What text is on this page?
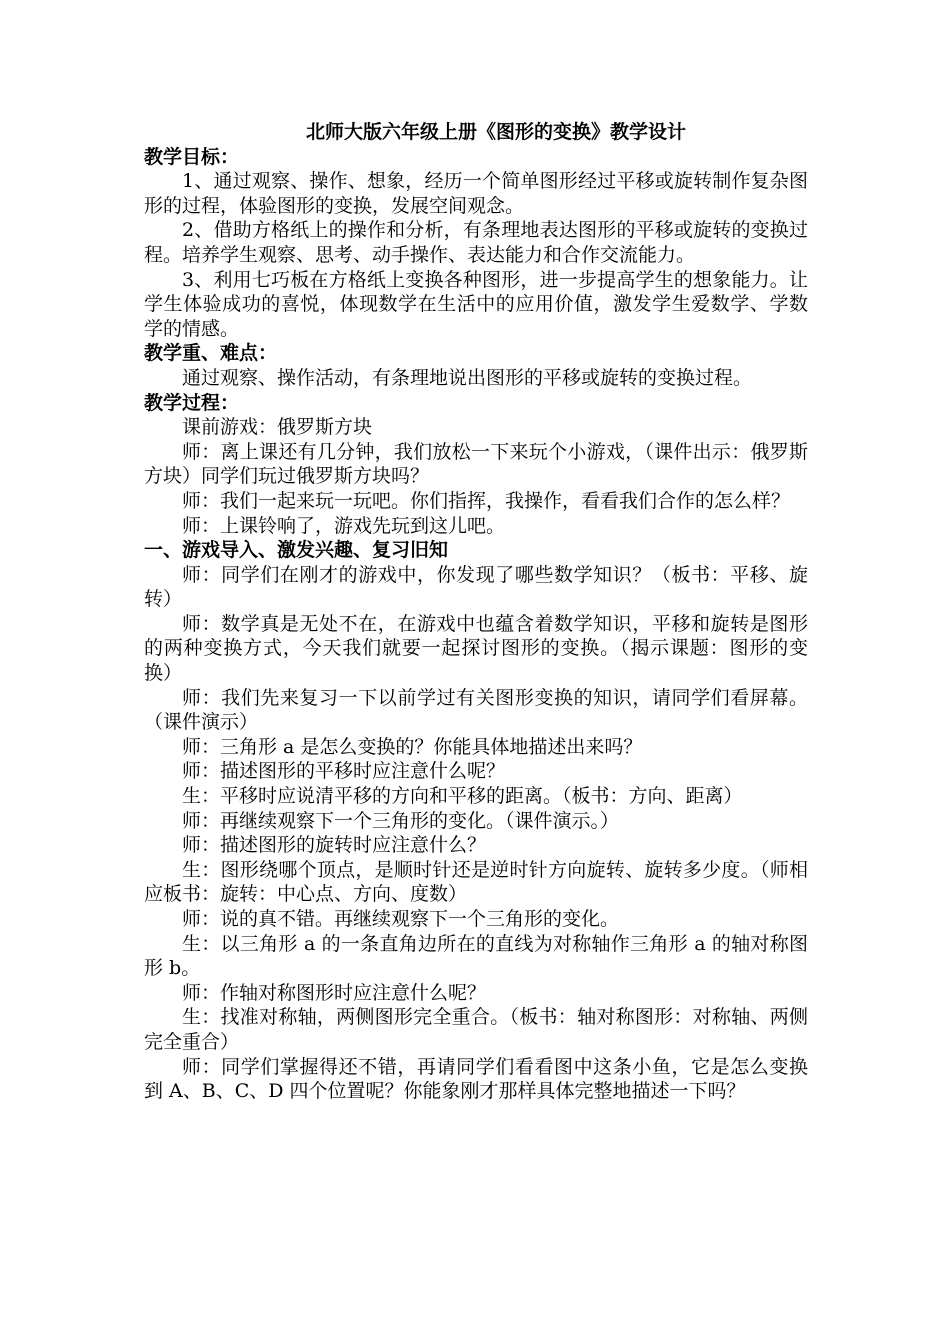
北师大版六年级上册《图形的变换》教学设计

教学目标：

1、通过观察、操作、想象，经历一个简单图形经过平移或旋转制作复杂图形的过程，体验图形的变换，发展空间观念。

2、借助方格纸上的操作和分析，有条理地表达图形的平移或旋转的变换过程。培养学生观察、思考、动手操作、表达能力和合作交流能力。

3、利用七巧板在方格纸上变换各种图形，进一步提高学生的想象能力。让学生体验成功的喜悦，体现数学在生活中的应用价值，激发学生爱数学、学数学的情感。

教学重、难点：

通过观察、操作活动，有条理地说出图形的平移或旋转的变换过程。

教学过程：

课前游戏：俄罗斯方块

师：离上课还有几分钟，我们放松一下来玩个小游戏，（课件出示：俄罗斯方块）同学们玩过俄罗斯方块吗？

师：我们一起来玩一玩吧。你们指挥，我操作，看看我们合作的怎么样？

师：上课铃响了，游戏先玩到这儿吧。

一、游戏导入、激发兴趣、复习旧知

师：同学们在刚才的游戏中，你发现了哪些数学知识？（板书：平移、旋转）

师：数学真是无处不在，在游戏中也蕴含着数学知识，平移和旋转是图形的两种变换方式，今天我们就要一起探讨图形的变换。（揭示课题：图形的变换）

师：我们先来复习一下以前学过有关图形变换的知识，请同学们看屏幕。（课件演示）

师：三角形 a 是怎么变换的？你能具体地描述出来吗？

师：描述图形的平移时应注意什么呢？

生：平移时应说清平移的方向和平移的距离。（板书：方向、距离）

师：再继续观察下一个三角形的变化。（课件演示。）

师：描述图形的旋转时应注意什么？

生：图形绕哪个顶点，是顺时针还是逆时针方向旋转、旋转多少度。（师相应板书：旋转：中心点、方向、度数）

师：说的真不错。再继续观察下一个三角形的变化。

生：以三角形 a 的一条直角边所在的直线为对称轴作三角形 a 的轴对称图形 b。

师：作轴对称图形时应注意什么呢？

生：找准对称轴，两侧图形完全重合。（板书：轴对称图形：对称轴、两侧完全重合）

师：同学们掌握得还不错，再请同学们看看图中这条小鱼，它是怎么变换到 A、B、C、D 四个位置呢？你能象刚才那样具体完整地描述一下吗？
